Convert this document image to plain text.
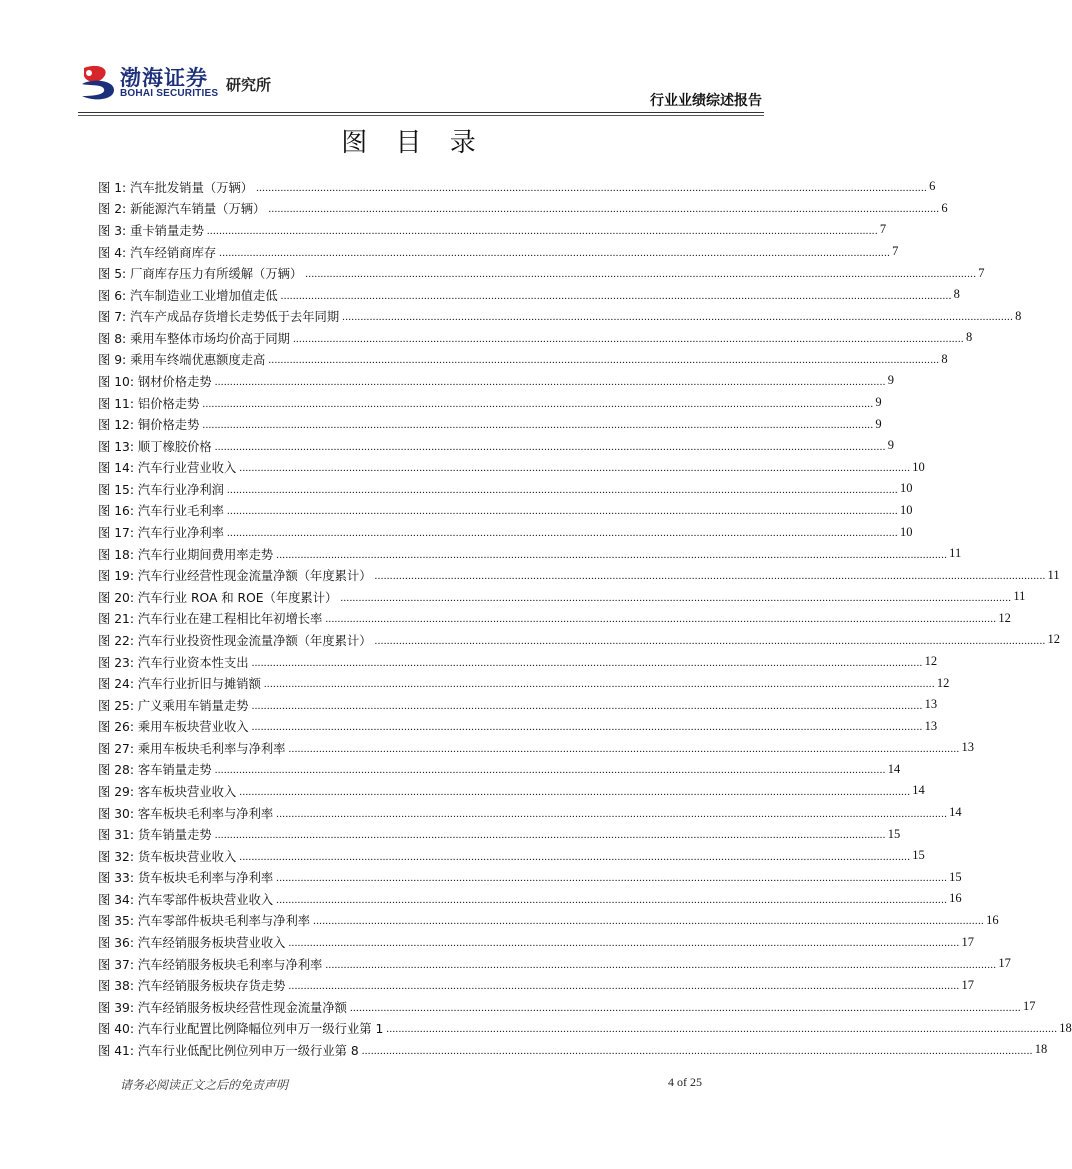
渤海证券
BOHAI SECURITIES 研究所
行业业绩综述报告
图 目 录
图 1: 汽车批发销量（万辆） ............................................................................................................................................................................................................................ 6
图 2: 新能源汽车销量（万辆） ............................................................................................................................................................................................................................ 6
图 3: 重卡销量走势 ............................................................................................................................................................................................................................ 7
图 4: 汽车经销商库存 ............................................................................................................................................................................................................................ 7
图 5: 厂商库存压力有所缓解（万辆） ............................................................................................................................................................................................................................ 7
图 6: 汽车制造业工业增加值走低 ............................................................................................................................................................................................................................ 8
图 7: 汽车产成品存货增长走势低于去年同期 ............................................................................................................................................................................................................................ 8
图 8: 乘用车整体市场均价高于同期 ............................................................................................................................................................................................................................ 8
图 9: 乘用车终端优惠额度走高 ............................................................................................................................................................................................................................ 8
图 10: 钢材价格走势 ............................................................................................................................................................................................................................ 9
图 11: 铝价格走势 ............................................................................................................................................................................................................................ 9
图 12: 铜价格走势 ............................................................................................................................................................................................................................ 9
图 13: 顺丁橡胶价格 ............................................................................................................................................................................................................................ 9
图 14: 汽车行业营业收入 ............................................................................................................................................................................................................................ 10
图 15: 汽车行业净利润 ............................................................................................................................................................................................................................ 10
图 16: 汽车行业毛利率 ............................................................................................................................................................................................................................ 10
图 17: 汽车行业净利率 ............................................................................................................................................................................................................................ 10
图 18: 汽车行业期间费用率走势 ............................................................................................................................................................................................................................ 11
图 19: 汽车行业经营性现金流量净额（年度累计） ............................................................................................................................................................................................................................ 11
图 20: 汽车行业 ROA 和 ROE（年度累计） ............................................................................................................................................................................................................................ 11
图 21: 汽车行业在建工程相比年初增长率 ............................................................................................................................................................................................................................ 12
图 22: 汽车行业投资性现金流量净额（年度累计） ............................................................................................................................................................................................................................ 12
图 23: 汽车行业资本性支出 ............................................................................................................................................................................................................................ 12
图 24: 汽车行业折旧与摊销额 ............................................................................................................................................................................................................................ 12
图 25: 广义乘用车销量走势 ............................................................................................................................................................................................................................ 13
图 26: 乘用车板块营业收入 ............................................................................................................................................................................................................................ 13
图 27: 乘用车板块毛利率与净利率 ............................................................................................................................................................................................................................ 13
图 28: 客车销量走势 ............................................................................................................................................................................................................................ 14
图 29: 客车板块营业收入 ............................................................................................................................................................................................................................ 14
图 30: 客车板块毛利率与净利率 ............................................................................................................................................................................................................................ 14
图 31: 货车销量走势 ............................................................................................................................................................................................................................ 15
图 32: 货车板块营业收入 ............................................................................................................................................................................................................................ 15
图 33: 货车板块毛利率与净利率 ............................................................................................................................................................................................................................ 15
图 34: 汽车零部件板块营业收入 ............................................................................................................................................................................................................................ 16
图 35: 汽车零部件板块毛利率与净利率 ............................................................................................................................................................................................................................ 16
图 36: 汽车经销服务板块营业收入 ............................................................................................................................................................................................................................ 17
图 37: 汽车经销服务板块毛利率与净利率 ............................................................................................................................................................................................................................ 17
图 38: 汽车经销服务板块存货走势 ............................................................................................................................................................................................................................ 17
图 39: 汽车经销服务板块经营性现金流量净额 ............................................................................................................................................................................................................................ 17
图 40: 汽车行业配置比例降幅位列申万一级行业第 1 ............................................................................................................................................................................................................................ 18
图 41: 汽车行业低配比例位列申万一级行业第 8 ............................................................................................................................................................................................................................ 18
请务必阅读正文之后的免责声明	4 of 25
